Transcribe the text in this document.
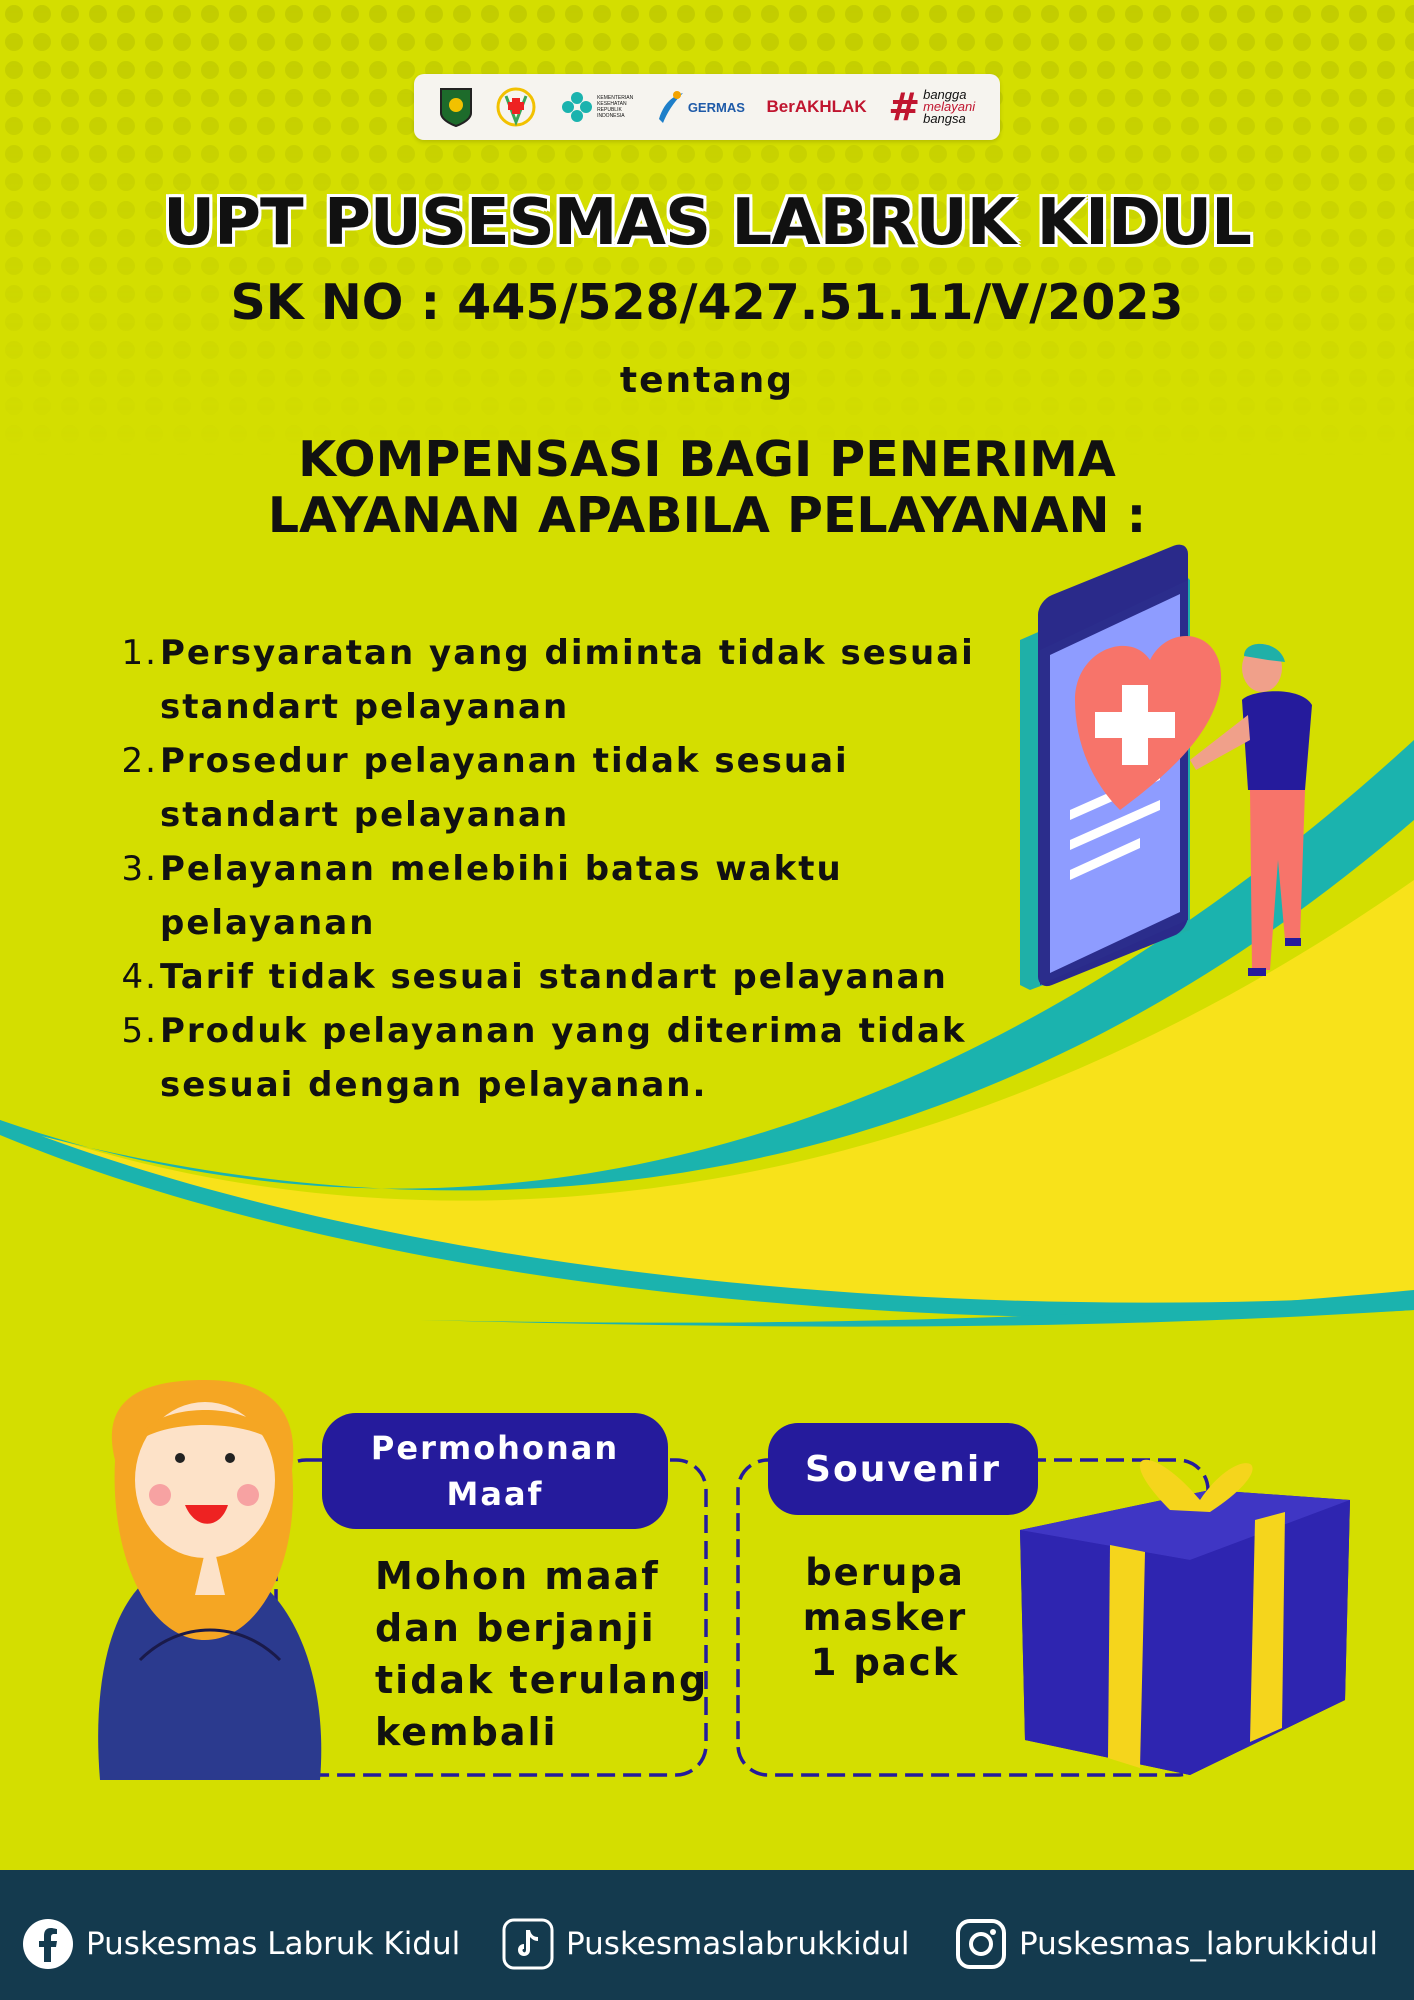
KEMENTERIAN
KESEHATAN
REPUBLIK
INDONESIA
GERMAS BerAKHLAK # bangga
melayani
bangsa
UPT PUSESMAS LABRUK KIDUL
SK NO : 445/528/427.51.11/V/2023
tentang
KOMPENSASI BAGI PENERIMA
LAYANAN APABILA PELAYANAN :
1. Persyaratan yang diminta tidak sesuai standart pelayanan
2. Prosedur pelayanan tidak sesuai standart pelayanan
3. Pelayanan melebihi batas waktu pelayanan
4. Tarif tidak sesuai standart pelayanan
5. Produk pelayanan yang diterima tidak sesuai dengan pelayanan.
Permohonan
Maaf
Mohon maaf
dan berjanji
tidak terulang
kembali
Souvenir
berupa
masker
1 pack
Puskesmas Labruk Kidul	Puskesmaslabrukkidul	Puskesmas_labrukkidul
